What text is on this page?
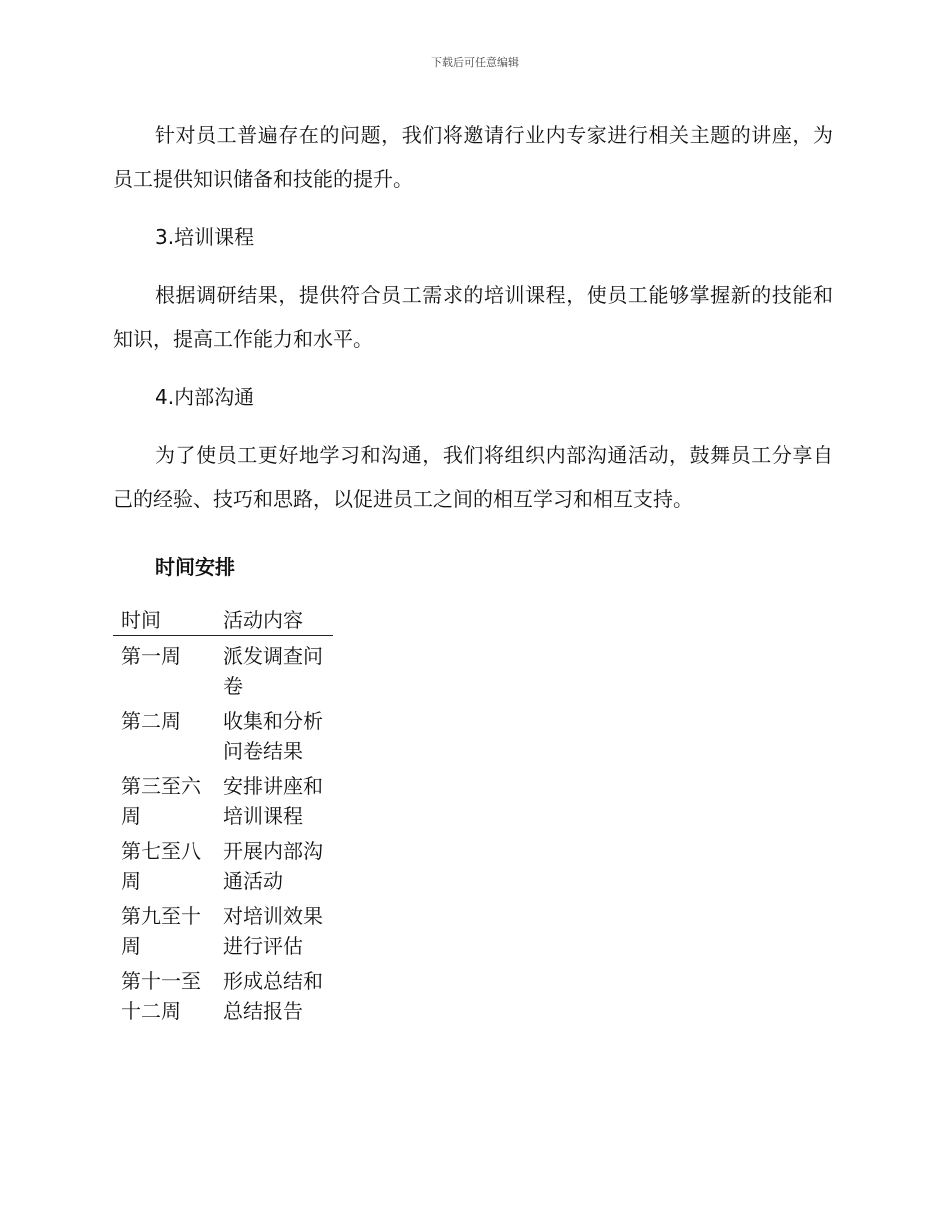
下载后可任意编辑

针对员工普遍存在的问题，我们将邀请行业内专家进行相关主题的讲座，为员工提供知识储备和技能的提升。

3.培训课程

根据调研结果，提供符合员工需求的培训课程，使员工能够掌握新的技能和知识，提高工作能力和水平。

4.内部沟通

为了使员工更好地学习和沟通，我们将组织内部沟通活动，鼓舞员工分享自己的经验、技巧和思路，以促进员工之间的相互学习和相互支持。

时间安排

时间	活动内容

第一周	派发调查问卷

第二周	收集和分析问卷结果

第三至六周	安排讲座和培训课程

第七至八周	开展内部沟通活动

第九至十周	对培训效果进行评估

第十一至十二周	形成总结和总结报告
